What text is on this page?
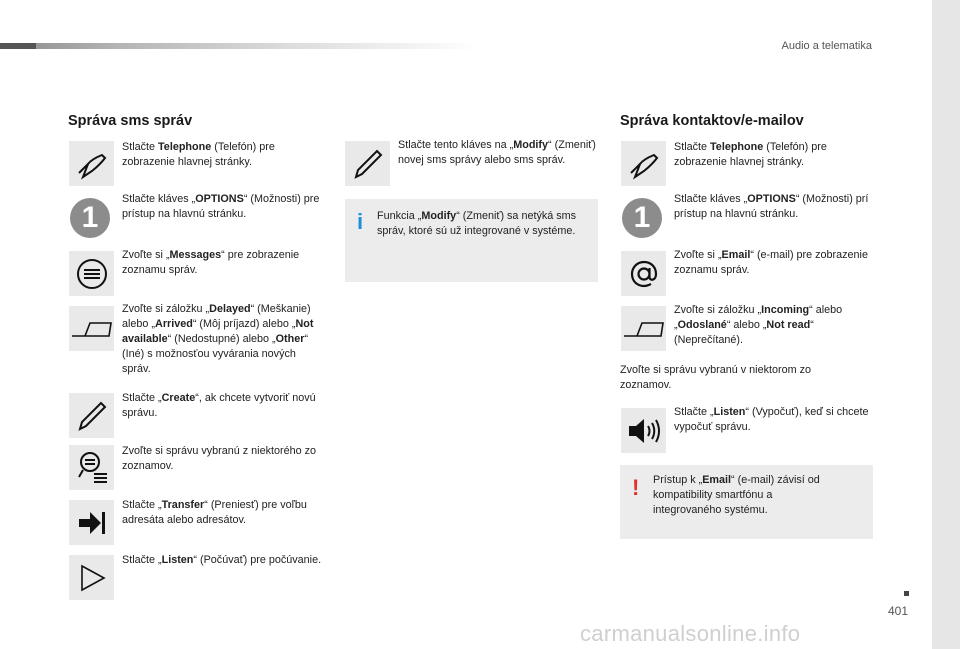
Audio a telematika
Správa sms správ
Stlačte Telephone (Telefón) pre zobrazenie hlavnej stránky.
1
Stlačte kláves „OPTIONS“ (Možnosti) pre prístup na hlavnú stránku.
Zvoľte si „Messages“ pre zobrazenie zoznamu správ.
Zvoľte si záložku „Delayed“ (Meškanie) alebo „Arrived“ (Môj príjazd) alebo „Not available“ (Nedostupné) alebo „Other“ (Iné) s možnosťou vyvárania nových správ.
Stlačte „Create“, ak chcete vytvoriť novú správu.
Zvoľte si správu vybranú z niektorého zo zoznamov.
Stlačte „Transfer“ (Preniesť) pre voľbu adresáta alebo adresátov.
Stlačte „Listen“ (Počúvať) pre počúvanie.
Stlačte tento kláves na „Modify“ (Zmeniť) novej sms správy alebo sms správ.
i Funkcia „Modify“ (Zmeniť) sa netýká sms správ, ktoré sú už integrované v systéme.
Správa kontaktov/e-mailov
Stlačte Telephone (Telefón) pre zobrazenie hlavnej stránky.
1
Stlačte kláves „OPTIONS“ (Možnosti) prí prístup na hlavnú stránku.
Zvoľte si „Email“ (e-mail) pre zobrazenie zoznamu správ.
Zvoľte si záložku „Incoming“ alebo „Odoslané“ alebo „Not read“ (Neprečítané).
Zvoľte si správu vybranú v niektorom zo zoznamov.
Stlačte „Listen“ (Vypočuť), keď si chcete vypočuť správu.
! Prístup k „Email“ (e-mail) závisí od kompatibility smartfónu a integrovaného systému.
401
carmanualsonline.info
